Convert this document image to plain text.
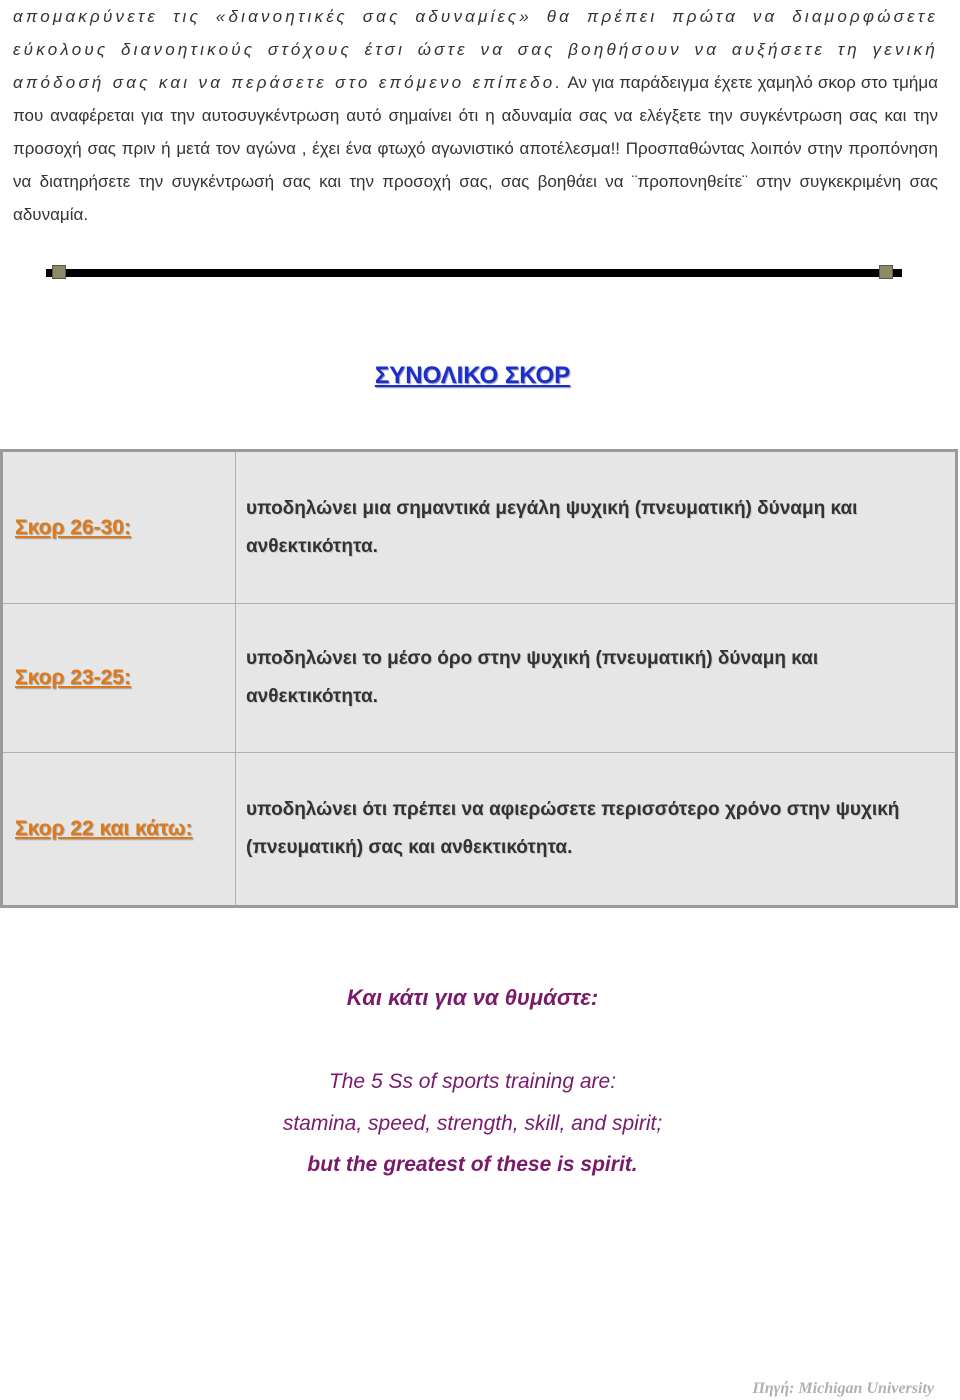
απομακρύνετε τις «διανοητικές σας αδυναμίες» θα πρέπει πρώτα να διαμορφώσετε εύκολους διανοητικούς στόχους έτσι ώστε να σας βοηθήσουν να αυξήσετε τη γενική απόδοσή σας και να περάσετε στο επόμενο επίπεδο. Αν για παράδειγμα έχετε χαμηλό σκορ στο τμήμα που αναφέρεται για την αυτοσυγκέντρωση αυτό σημαίνει ότι η αδυναμία σας να ελέγξετε την συγκέντρωση σας και την προσοχή σας πριν ή μετά τον αγώνα , έχει ένα φτωχό αγωνιστικό αποτέλεσμα!! Προσπαθώντας λοιπόν στην προπόνηση να διατηρήσετε την συγκέντρωσή σας και την προσοχή σας, σας βοηθάει να ¨προπονηθείτε¨ στην συγκεκριμένη σας αδυναμία.

ΣΥΝΟΛΙΚΟ ΣΚΟΡ
Σκορ 26-30:	υποδηλώνει μια σημαντικά μεγάλη ψυχική (πνευματική) δύναμη και ανθεκτικότητα.
Σκορ 23-25:	υποδηλώνει το μέσο όρο στην ψυχική (πνευματική) δύναμη και ανθεκτικότητα.
Σκορ 22 και κάτω:	υποδηλώνει ότι πρέπει να αφιερώσετε περισσότερο χρόνο στην ψυχική (πνευματική) σας και ανθεκτικότητα.
Και κάτι για να θυμάστε:

The 5 Ss of sports training are:

stamina, speed, strength, skill, and spirit;

but the greatest of these is spirit.

Πηγή: Michigan University
